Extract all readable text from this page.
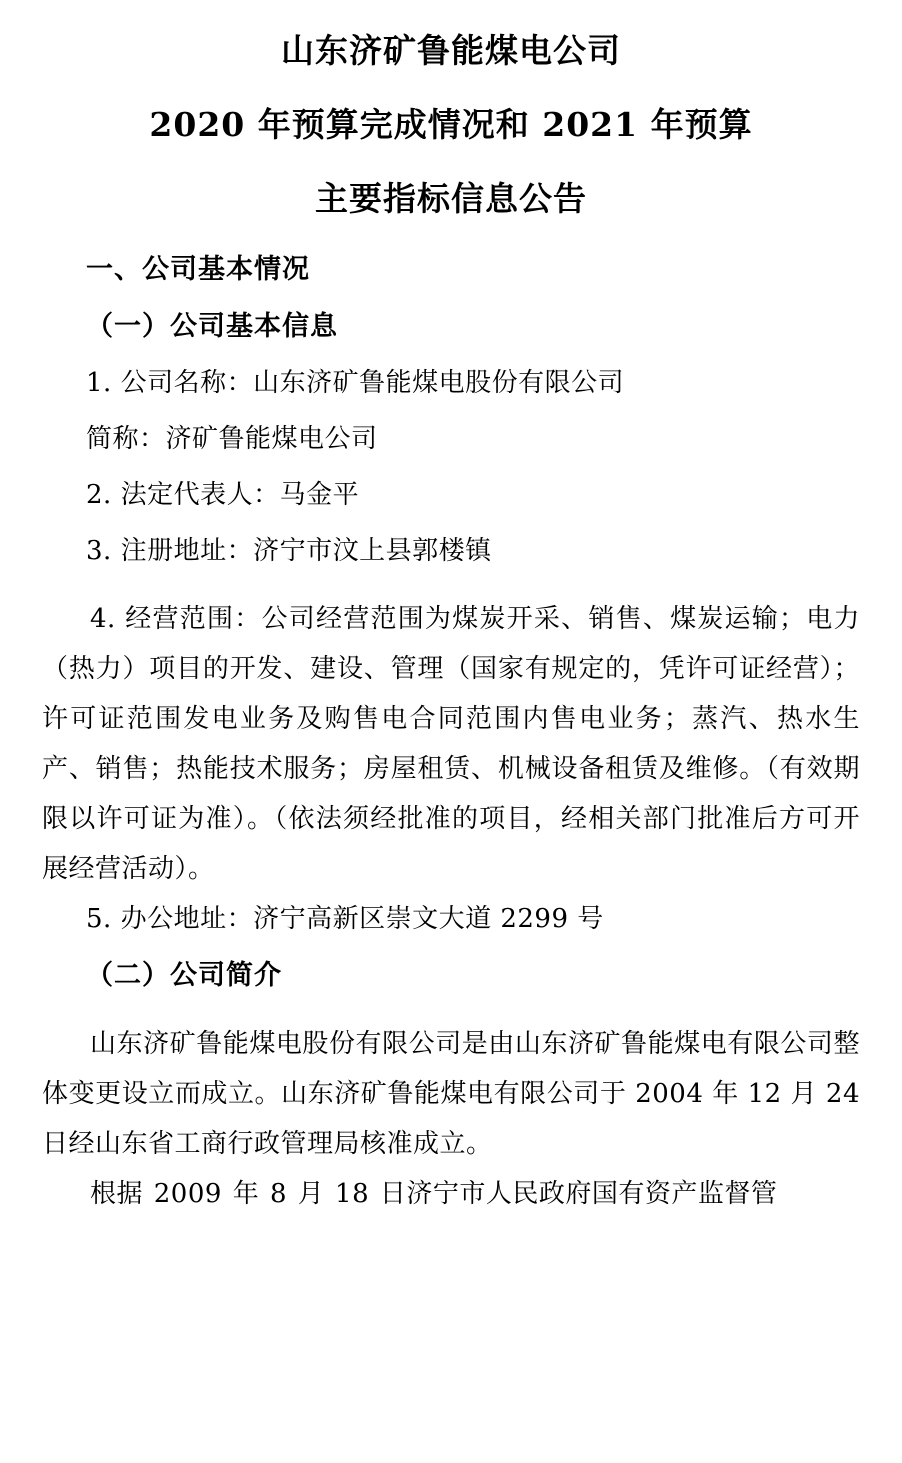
山东济矿鲁能煤电公司
2020 年预算完成情况和 2021 年预算
主要指标信息公告
一、公司基本情况
（一）公司基本信息
1. 公司名称：山东济矿鲁能煤电股份有限公司
简称：济矿鲁能煤电公司
2. 法定代表人：马金平
3. 注册地址：济宁市汶上县郭楼镇
4. 经营范围：公司经营范围为煤炭开采、销售、煤炭运输；电力（热力）项目的开发、建设、管理（国家有规定的，凭许可证经营）；许可证范围发电业务及购售电合同范围内售电业务；蒸汽、热水生产、销售；热能技术服务；房屋租赁、机械设备租赁及维修。（有效期限以许可证为准）。（依法须经批准的项目，经相关部门批准后方可开展经营活动）。
5. 办公地址：济宁高新区崇文大道 2299 号
（二）公司简介
山东济矿鲁能煤电股份有限公司是由山东济矿鲁能煤电有限公司整体变更设立而成立。山东济矿鲁能煤电有限公司于 2004 年 12 月 24 日经山东省工商行政管理局核准成立。
根据 2009 年 8 月 18 日济宁市人民政府国有资产监督管
